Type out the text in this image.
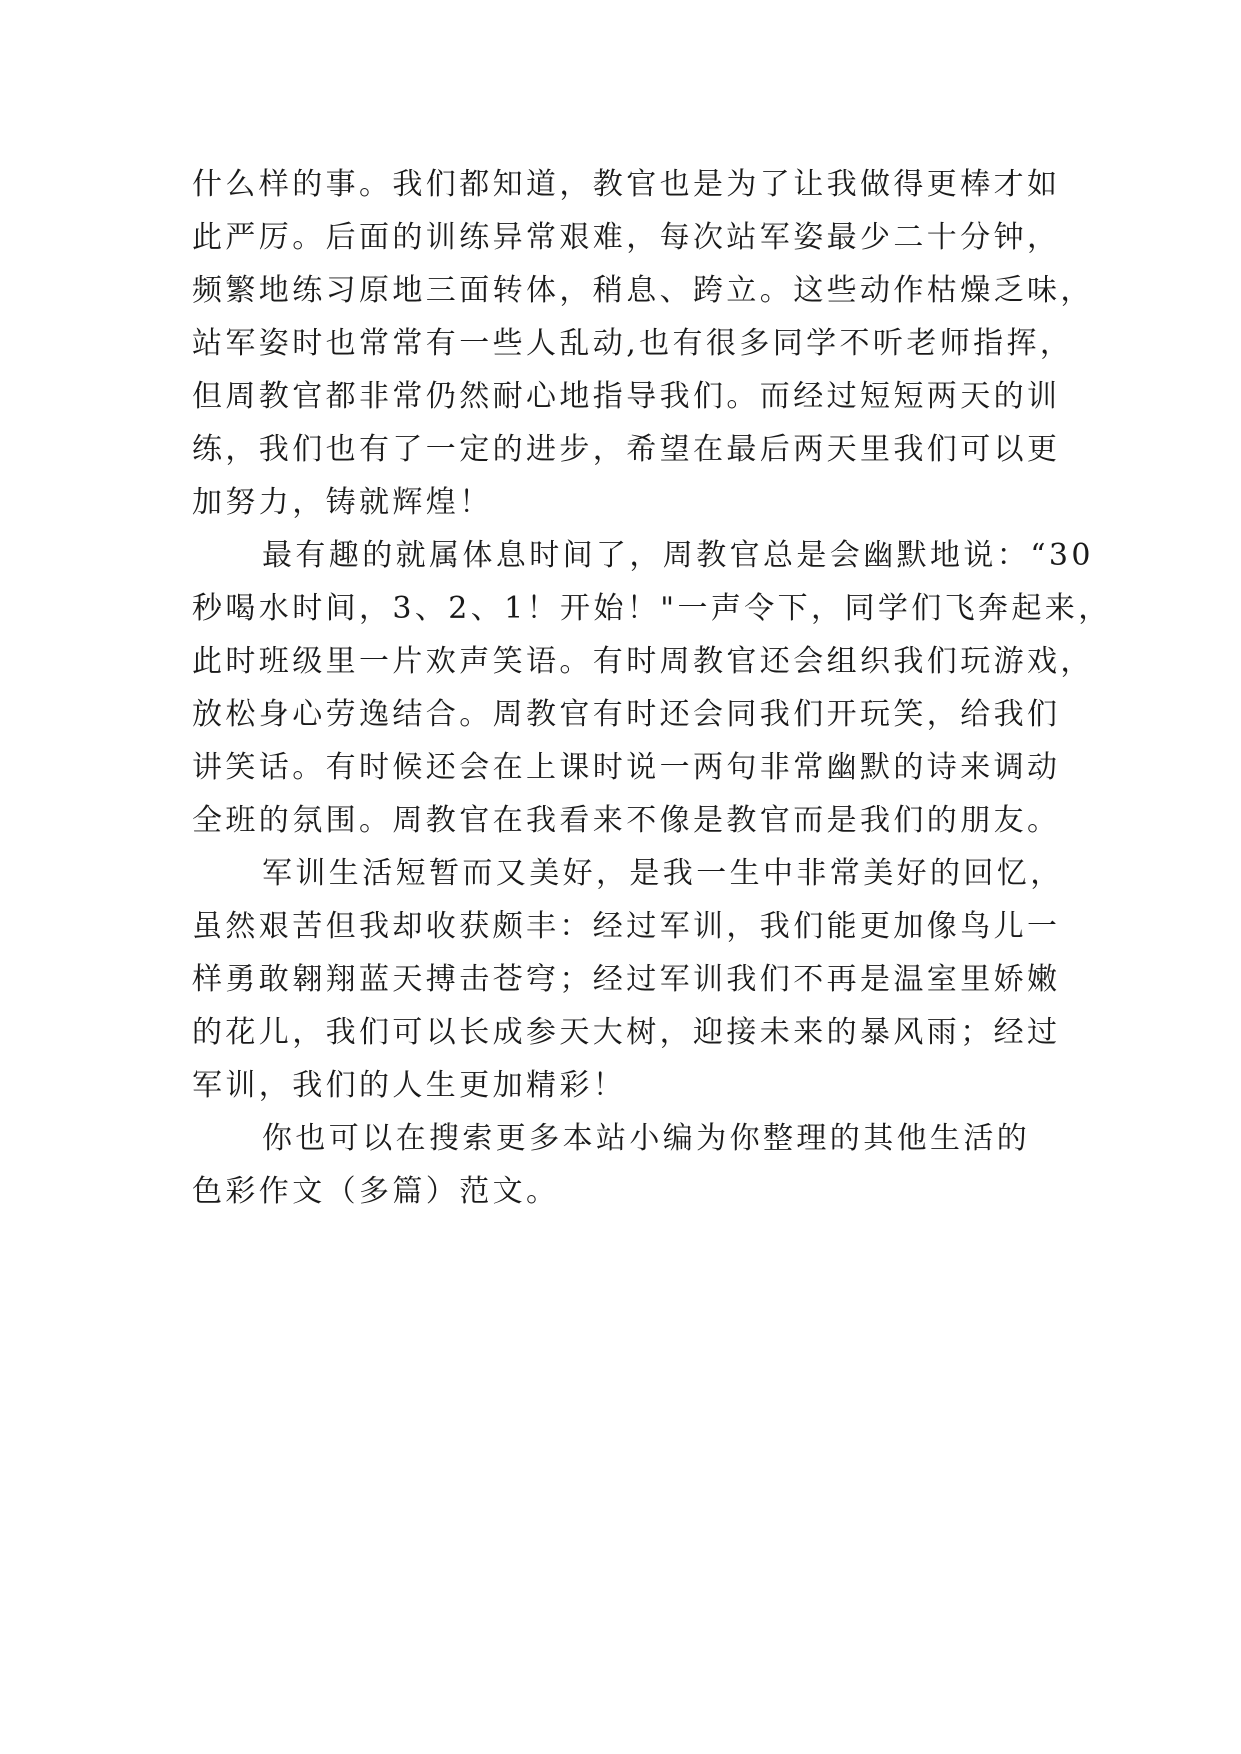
什么样的事。我们都知道，教官也是为了让我做得更棒才如
此严厉。后面的训练异常艰难，每次站军姿最少二十分钟，
频繁地练习原地三面转体，稍息、跨立。这些动作枯燥乏味，
站军姿时也常常有一些人乱动,也有很多同学不听老师指挥，
但周教官都非常仍然耐心地指导我们。而经过短短两天的训
练，我们也有了一定的进步，希望在最后两天里我们可以更
加努力，铸就辉煌！

最有趣的就属体息时间了，周教官总是会幽默地说：“30
秒喝水时间，3、2、1！开始！"一声令下，同学们飞奔起来，
此时班级里一片欢声笑语。有时周教官还会组织我们玩游戏，
放松身心劳逸结合。周教官有时还会同我们开玩笑，给我们
讲笑话。有时候还会在上课时说一两句非常幽默的诗来调动
全班的氛围。周教官在我看来不像是教官而是我们的朋友。

军训生活短暂而又美好，是我一生中非常美好的回忆，
虽然艰苦但我却收获颇丰：经过军训，我们能更加像鸟儿一
样勇敢翱翔蓝天搏击苍穹；经过军训我们不再是温室里娇嫩
的花儿，我们可以长成参天大树，迎接未来的暴风雨；经过
军训，我们的人生更加精彩！

你也可以在搜索更多本站小编为你整理的其他生活的
色彩作文（多篇）范文。
